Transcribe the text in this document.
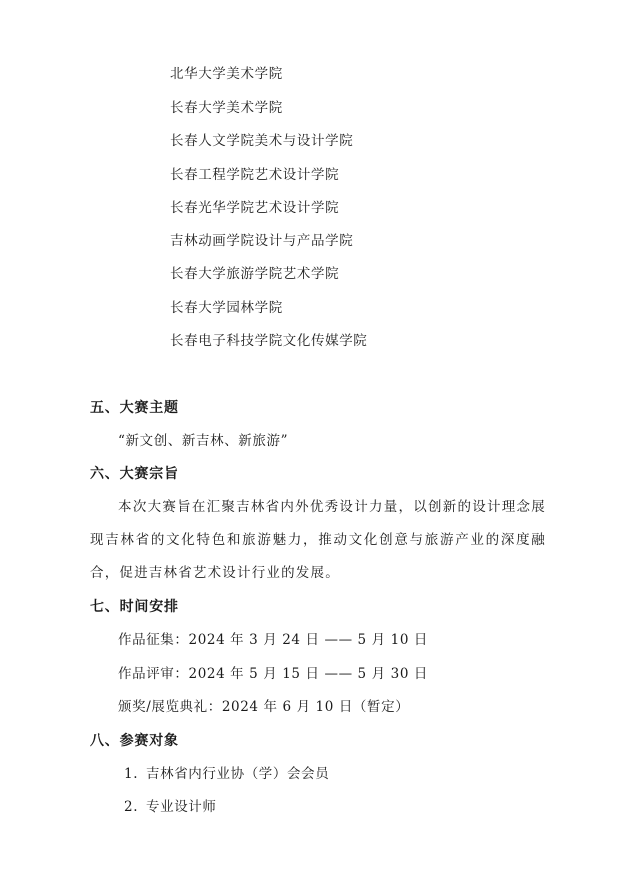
北华大学美术学院
长春大学美术学院
长春人文学院美术与设计学院
长春工程学院艺术设计学院
长春光华学院艺术设计学院
吉林动画学院设计与产品学院
长春大学旅游学院艺术学院
长春大学园林学院
长春电子科技学院文化传媒学院
五、大赛主题
“新文创、新吉林、新旅游”
六、大赛宗旨
本次大赛旨在汇聚吉林省内外优秀设计力量，以创新的设计理念展现吉林省的文化特色和旅游魅力，推动文化创意与旅游产业的深度融合，促进吉林省艺术设计行业的发展。
七、时间安排
作品征集：2024 年 3 月 24 日 —— 5 月 10 日
作品评审：2024 年 5 月 15 日 —— 5 月 30 日
颁奖/展览典礼：2024 年 6 月 10 日（暂定）
八、参赛对象
1. 吉林省内行业协（学）会会员
2. 专业设计师
